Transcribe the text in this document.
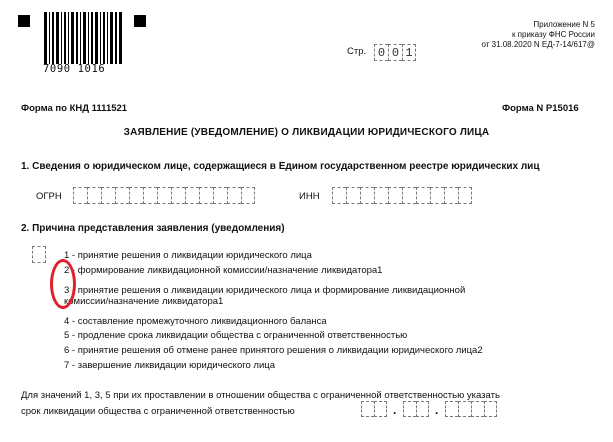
7090 1016
Приложение N 5
к приказу ФНС России
от 31.08.2020 N ЕД-7-14/617@
Стр. 0 0 1
Форма по КНД 1111521	Форма N Р15016
ЗАЯВЛЕНИЕ (УВЕДОМЛЕНИЕ) О ЛИКВИДАЦИИ ЮРИДИЧЕСКОГО ЛИЦА
1. Сведения о юридическом лице, содержащиеся в Едином государственном реестре юридических лиц
ОГРН	ИНН
2. Причина представления заявления (уведомления)
1 - принятие решения о ликвидации юридического лица
2 - формирование ликвидационной комиссии/назначение ликвидатора1
3 - принятие решения о ликвидации юридического лица и формирование ликвидационной
комиссии/назначение ликвидатора1
4 - составление промежуточного ликвидационного баланса
5 - продление срока ликвидации общества с ограниченной ответственностью
6 - принятие решения об отмене ранее принятого решения о ликвидации юридического лица2
7 - завершение ликвидации юридического лица
Для значений 1, 3, 5 при их проставлении в отношении общества с ограниченной ответственностью указать
срок ликвидации общества с ограниченной ответственностью	.	.
